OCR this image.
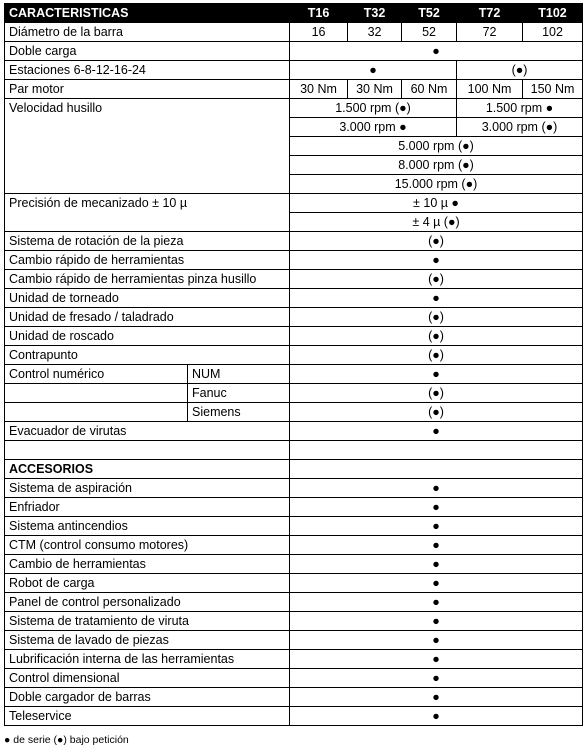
CARACTERISTICAS		T16	T32	T52	T72	T102
Diámetro de la barra		16	32	52	72	102
Doble carga		●				
Estaciones 6-8-12-16-24		●			(●)	
Par motor		30 Nm	30 Nm	60 Nm	100 Nm	150 Nm
Velocidad husillo		1.500 rpm (●)			1.500 rpm ●	
		3.000 rpm ●			3.000 rpm (●)	
		5.000 rpm (●)				
		8.000 rpm (●)				
		15.000 rpm (●)				
Precisión de mecanizado ± 10 µ		± 10 µ ●				
		± 4 µ (●)				
Sistema de rotación de la pieza		(●)				
Cambio rápido de herramientas		●				
Cambio rápido de herramientas pinza husillo		(●)				
Unidad de torneado		●				
Unidad de fresado / taladrado		(●)				
Unidad de roscado		(●)				
Contrapunto		(●)				
Control numérico	NUM	●				
	Fanuc	(●)				
	Siemens	(●)				
Evacuador de virutas		●				

ACCESORIOS						
Sistema de aspiración		●				
Enfriador		●				
Sistema antincendios		●				
CTM (control consumo motores)		●				
Cambio de herramientas		●				
Robot de carga		●				
Panel de control personalizado		●				
Sistema de tratamiento de viruta		●				
Sistema de lavado de piezas		●				
Lubrificación interna de las herramientas		●				
Control dimensional		●				
Doble cargador de barras		●				
Teleservice		●				
● de serie (●) bajo petición
